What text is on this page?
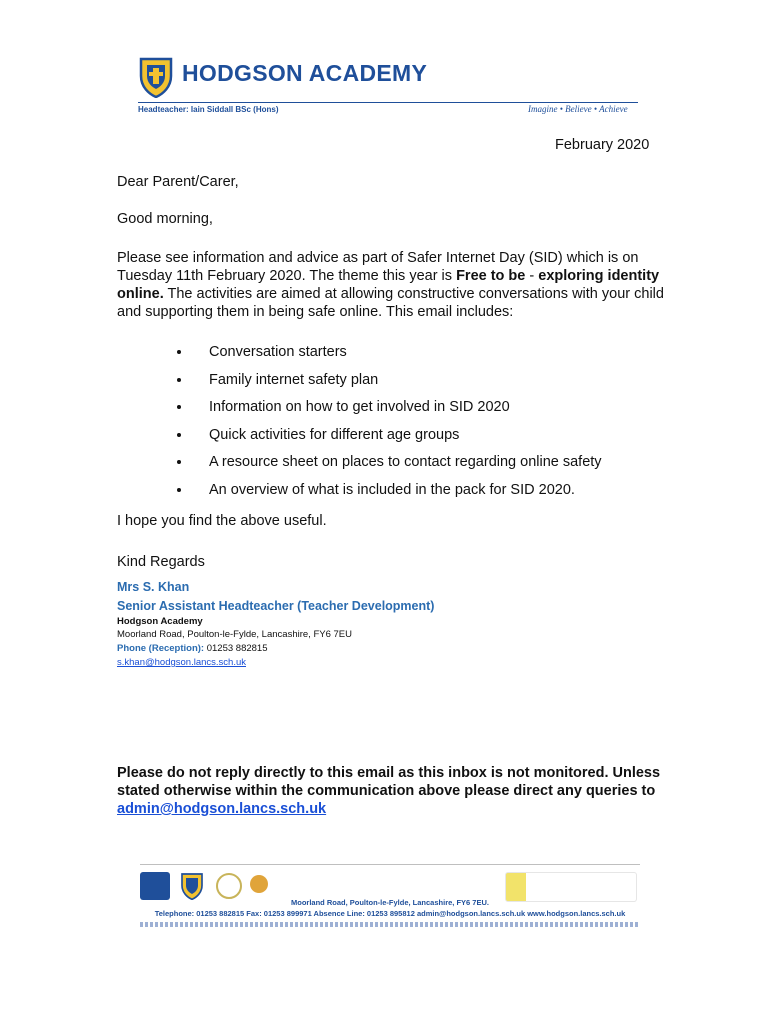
HODGSON ACADEMY
Headteacher: Iain Siddall BSc (Hons)	Imagine • Believe • Achieve
February 2020
Dear Parent/Carer,
Good morning,
Please see information and advice as part of Safer Internet Day (SID) which is on Tuesday 11th February 2020. The theme this year is Free to be - exploring identity online. The activities are aimed at allowing constructive conversations with your child and supporting them in being safe online. This email includes:
Conversation starters
Family internet safety plan
Information on how to get involved in SID 2020
Quick activities for different age groups
A resource sheet on places to contact regarding online safety
An overview of what is included in the pack for SID 2020.
I hope you find the above useful.
Kind Regards
Mrs S. Khan
Senior Assistant Headteacher (Teacher Development)
Hodgson Academy
Moorland Road, Poulton-le-Fylde, Lancashire, FY6 7EU
Phone (Reception): 01253 882815
s.khan@hodgson.lancs.sch.uk
Please do not reply directly to this email as this inbox is not monitored. Unless stated otherwise within the communication above please direct any queries to admin@hodgson.lancs.sch.uk
Moorland Road, Poulton-le-Fylde, Lancashire, FY6 7EU.
Telephone: 01253 882815 Fax: 01253 899971 Absence Line: 01253 895812 admin@hodgson.lancs.sch.uk www.hodgson.lancs.sch.uk
